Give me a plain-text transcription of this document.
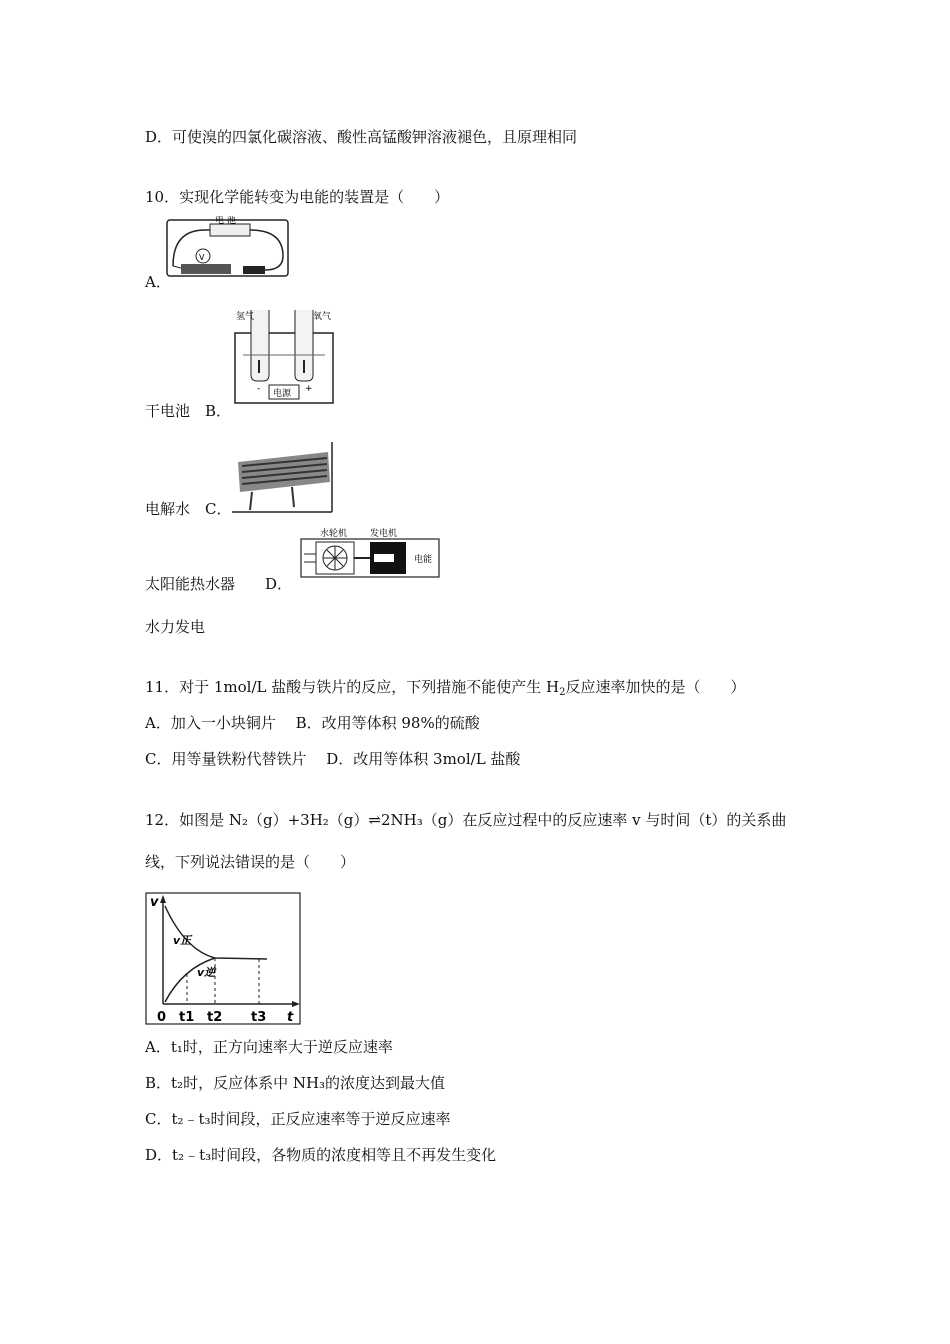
D．可使溴的四氯化碳溶液、酸性高锰酸钾溶液褪色，且原理相同
10．实现化学能转变为电能的装置是（　　）
电 池
V
A．
氢气	氧气
电源
-	+
干电池　B．
电解水　C．
水轮机	发电机
电能
太阳能热水器　　D．
水力发电
11．对于 1mol/L 盐酸与铁片的反应，下列措施不能使产生 $H_2$反应速率加快的是（　　）
A．加入一小块铜片　 B．改用等体积 98%的硫酸
C．用等量铁粉代替铁片　 D．改用等体积 3mol/L 盐酸
12．如图是 N₂（g）+3H₂（g）⇌2NH₃（g）在反应过程中的反应速率 v 与时间（t）的关系曲
线，下列说法错误的是（　　）
v
v正
v逆
0 t1 t2 t3 t
A．t₁时，正方向速率大于逆反应速率
B．t₂时，反应体系中 NH₃的浓度达到最大值
C．t₂﹣t₃时间段，正反应速率等于逆反应速率
D．t₂﹣t₃时间段，各物质的浓度相等且不再发生变化
